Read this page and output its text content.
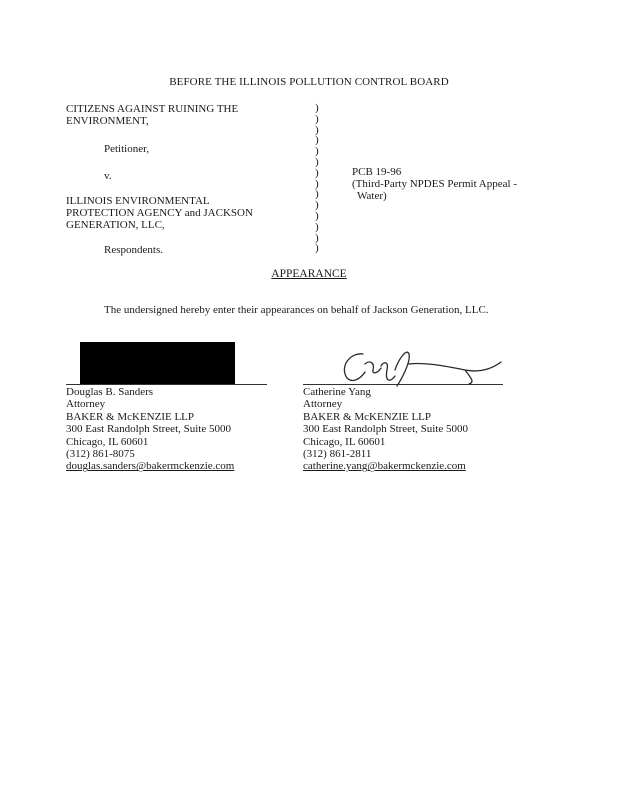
BEFORE THE ILLINOIS POLLUTION CONTROL BOARD
CITIZENS AGAINST RUINING THE
ENVIRONMENT,
Petitioner,
v.
ILLINOIS ENVIRONMENTAL
PROTECTION AGENCY and JACKSON
GENERATION, LLC,
Respondents.
)
)
)
)
)
)
)
)
)
)
)
)
)
)
PCB 19-96
(Third-Party NPDES Permit Appeal -
Water)
APPEARANCE
The undersigned hereby enter their appearances on behalf of Jackson Generation, LLC.
Douglas B. Sanders
Attorney
BAKER & McKENZIE LLP
300 East Randolph Street, Suite 5000
Chicago, IL 60601
(312) 861-8075
douglas.sanders@bakermckenzie.com
Catherine Yang
Attorney
BAKER & McKENZIE LLP
300 East Randolph Street, Suite 5000
Chicago, IL 60601
(312) 861-2811
catherine.yang@bakermckenzie.com
